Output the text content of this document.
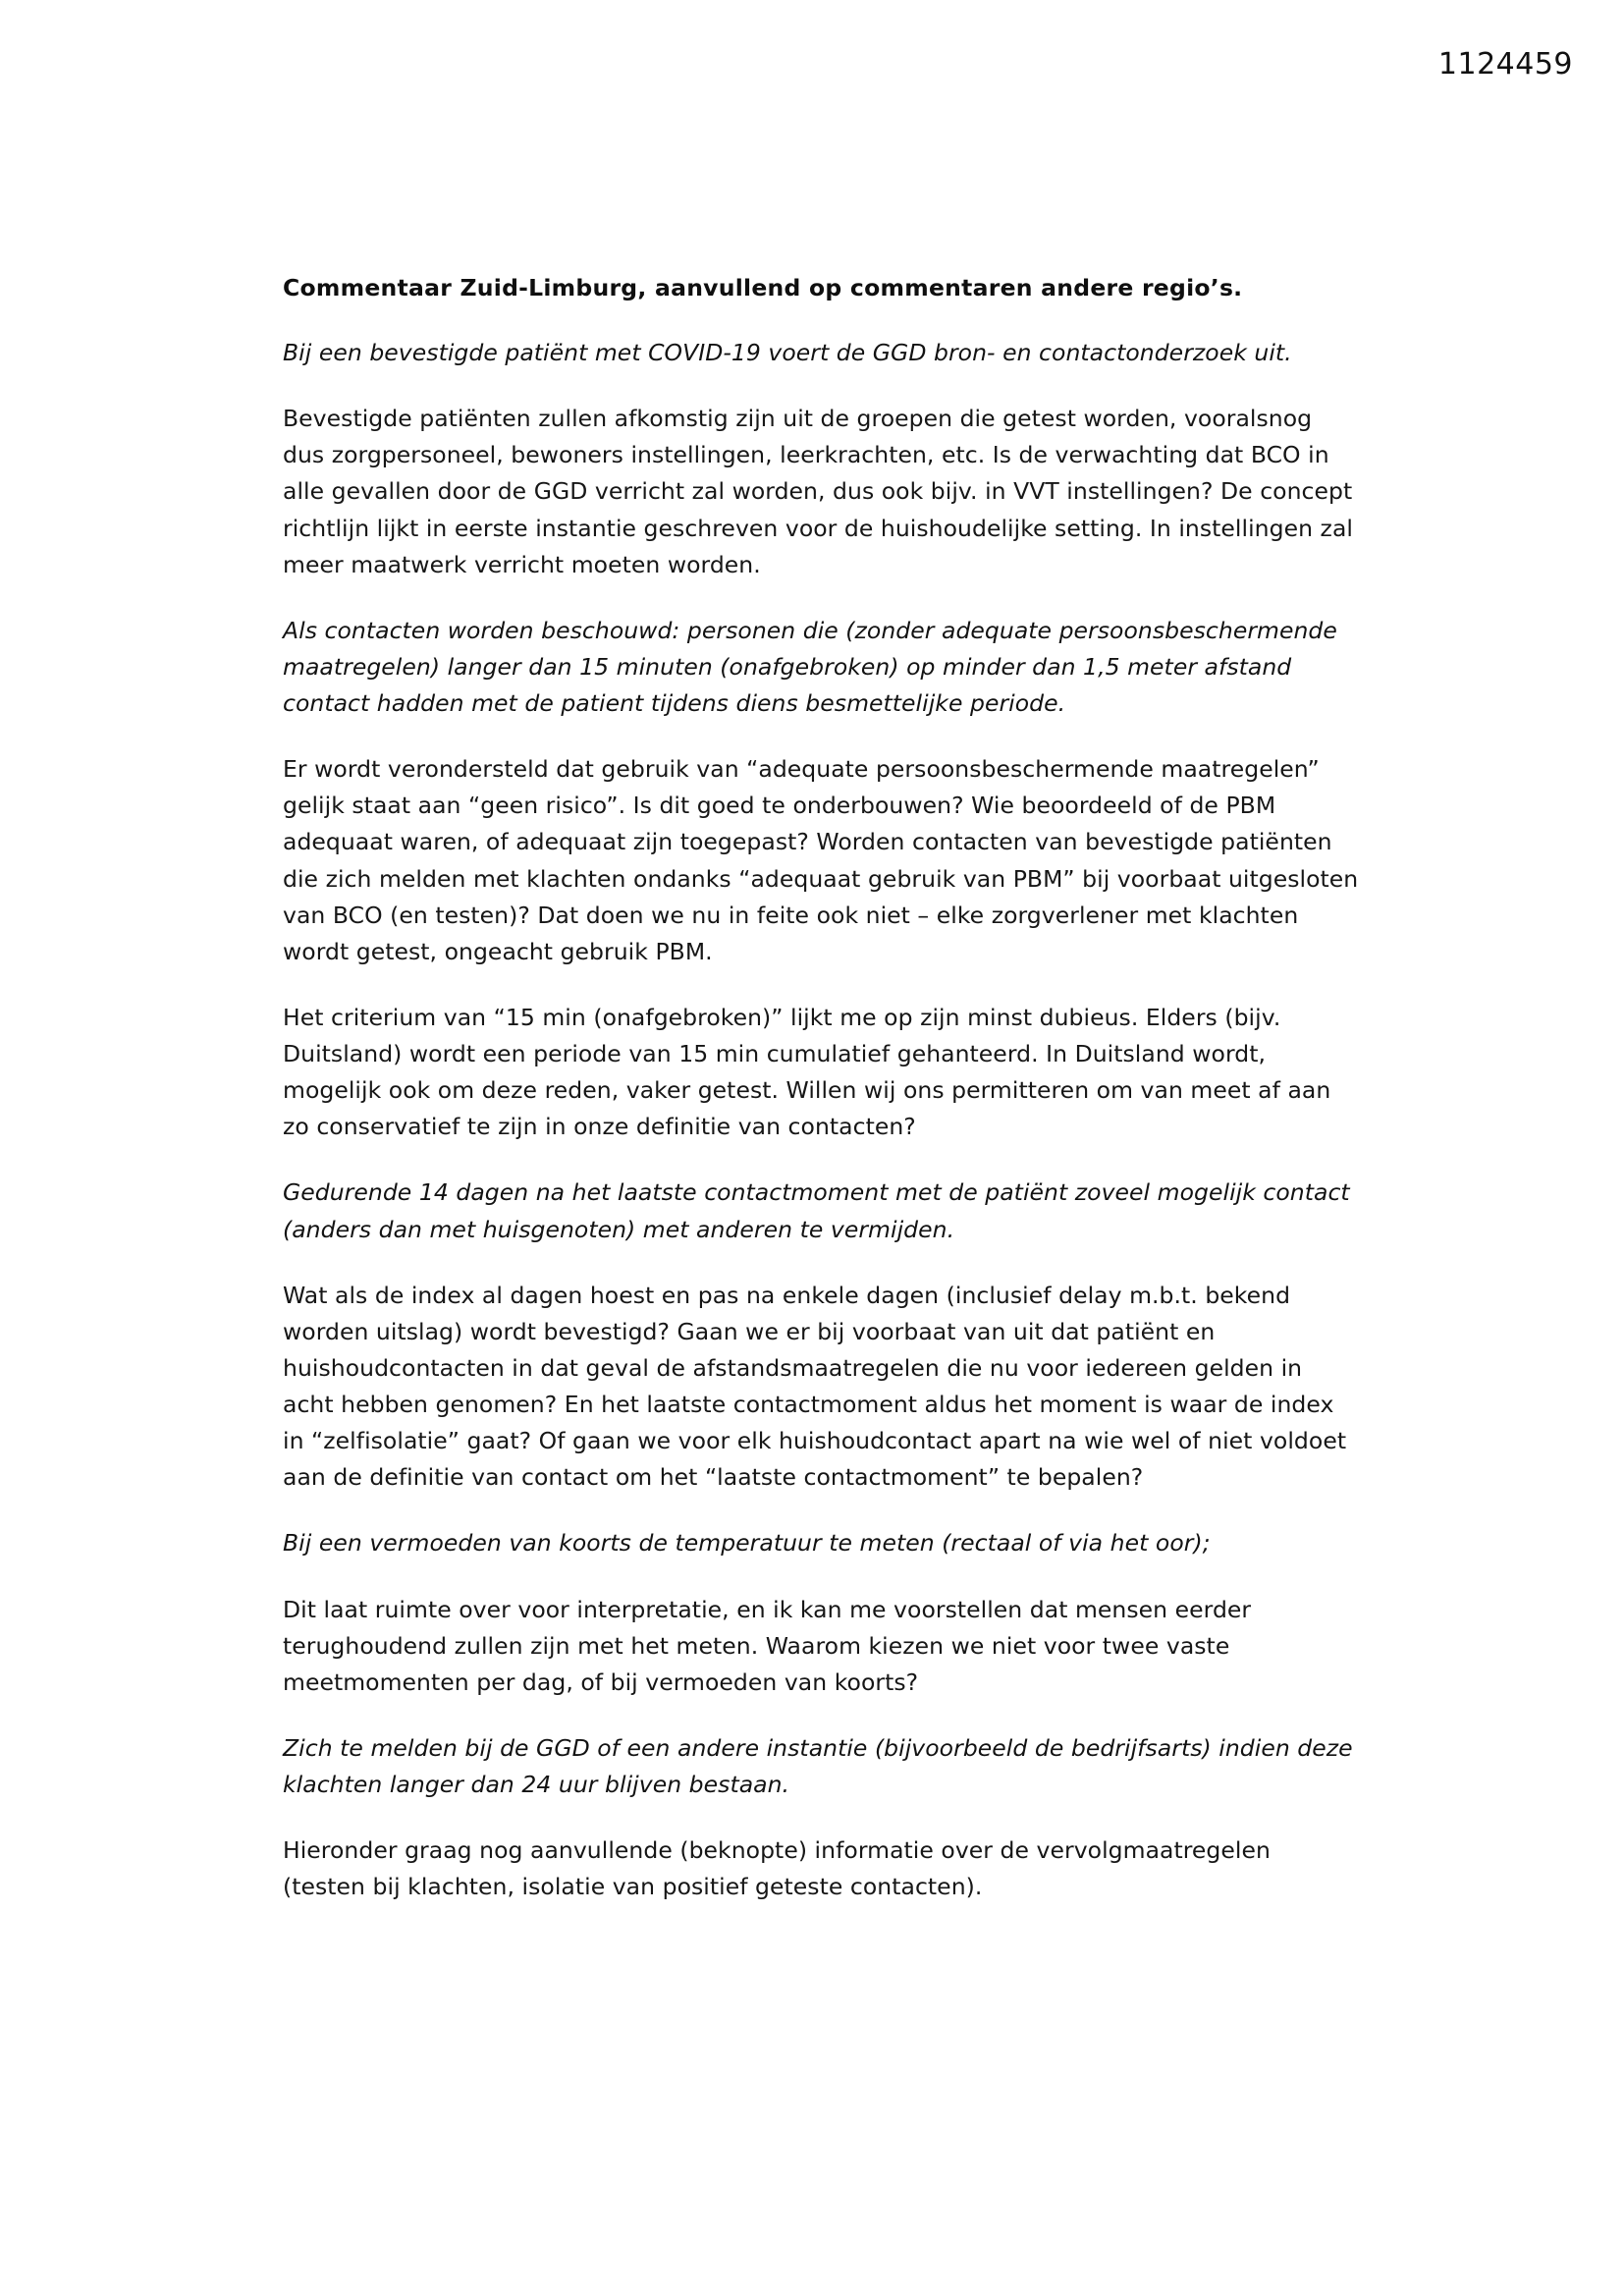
1124459
Commentaar Zuid-Limburg, aanvullend op commentaren andere regio’s.

Bij een bevestigde patiënt met COVID-19 voert de GGD bron- en contactonderzoek uit.

Bevestigde patiënten zullen afkomstig zijn uit de groepen die getest worden, vooralsnog dus zorgpersoneel, bewoners instellingen, leerkrachten, etc. Is de verwachting dat BCO in alle gevallen door de GGD verricht zal worden, dus ook bijv. in VVT instellingen? De concept richtlijn lijkt in eerste instantie geschreven voor de huishoudelijke setting. In instellingen zal meer maatwerk verricht moeten worden.

Als contacten worden beschouwd: personen die (zonder adequate persoonsbeschermende maatregelen) langer dan 15 minuten (onafgebroken) op minder dan 1,5 meter afstand contact hadden met de patient tijdens diens besmettelijke periode.

Er wordt verondersteld dat gebruik van “adequate persoonsbeschermende maatregelen” gelijk staat aan “geen risico”. Is dit goed te onderbouwen? Wie beoordeeld of de PBM adequaat waren, of adequaat zijn toegepast? Worden contacten van bevestigde patiënten die zich melden met klachten ondanks “adequaat gebruik van PBM” bij voorbaat uitgesloten van BCO (en testen)? Dat doen we nu in feite ook niet – elke zorgverlener met klachten wordt getest, ongeacht gebruik PBM.

Het criterium van “15 min (onafgebroken)” lijkt me op zijn minst dubieus. Elders (bijv. Duitsland) wordt een periode van 15 min cumulatief gehanteerd. In Duitsland wordt, mogelijk ook om deze reden, vaker getest. Willen wij ons permitteren om van meet af aan zo conservatief te zijn in onze definitie van contacten?

Gedurende 14 dagen na het laatste contactmoment met de patiënt zoveel mogelijk contact (anders dan met huisgenoten) met anderen te vermijden.

Wat als de index al dagen hoest en pas na enkele dagen (inclusief delay m.b.t. bekend worden uitslag) wordt bevestigd? Gaan we er bij voorbaat van uit dat patiënt en huishoudcontacten in dat geval de afstandsmaatregelen die nu voor iedereen gelden in acht hebben genomen? En het laatste contactmoment aldus het moment is waar de index in “zelfisolatie” gaat? Of gaan we voor elk huishoudcontact apart na wie wel of niet voldoet aan de definitie van contact om het “laatste contactmoment” te bepalen?

Bij een vermoeden van koorts de temperatuur te meten (rectaal of via het oor);

Dit laat ruimte over voor interpretatie, en ik kan me voorstellen dat mensen eerder terughoudend zullen zijn met het meten. Waarom kiezen we niet voor twee vaste meetmomenten per dag, of bij vermoeden van koorts?

Zich te melden bij de GGD of een andere instantie (bijvoorbeeld de bedrijfsarts) indien deze klachten langer dan 24 uur blijven bestaan.

Hieronder graag nog aanvullende (beknopte) informatie over de vervolgmaatregelen (testen bij klachten, isolatie van positief geteste contacten).
